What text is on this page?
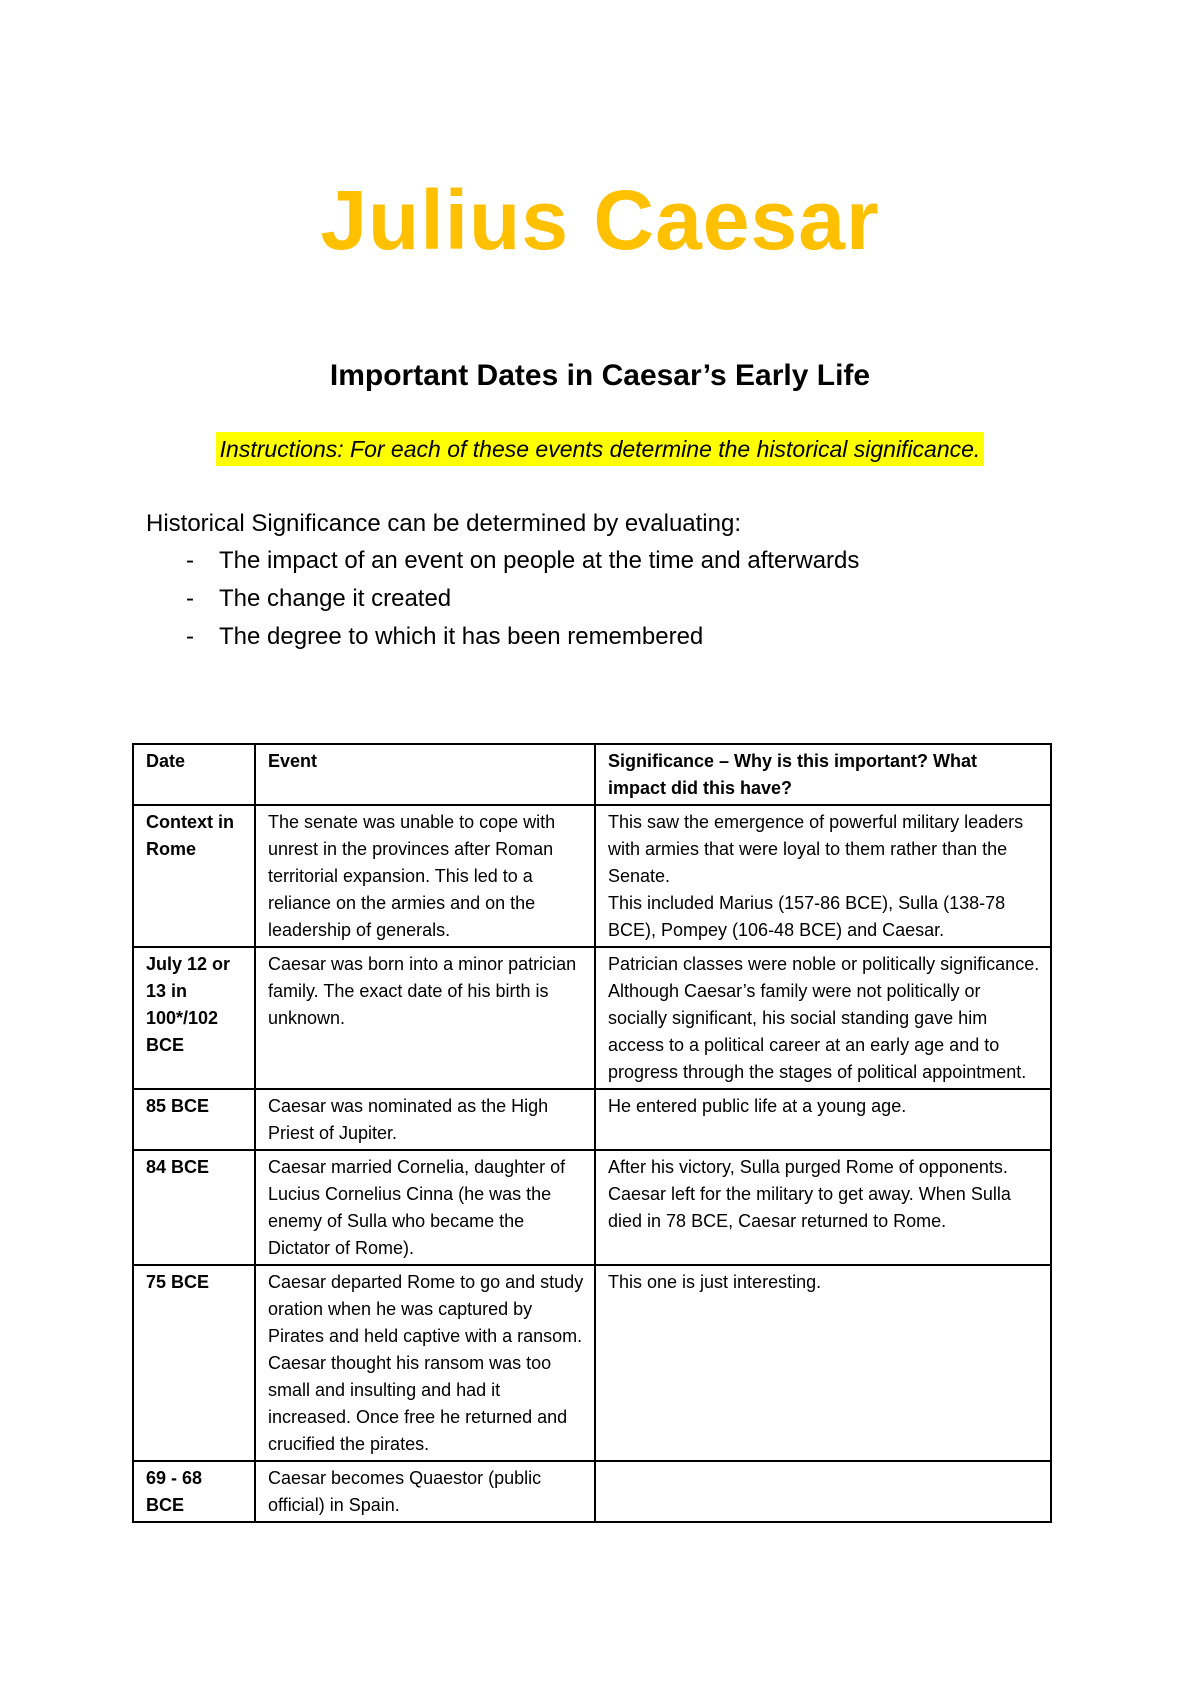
Julius Caesar
Important Dates in Caesar’s Early Life
Instructions: For each of these events determine the historical significance.
Historical Significance can be determined by evaluating:
-	The impact of an event on people at the time and afterwards
-	The change it created
-	The degree to which it has been remembered
Date	Event	Significance – Why is this important? What impact did this have?
Context in Rome	The senate was unable to cope with unrest in the provinces after Roman territorial expansion. This led to a reliance on the armies and on the leadership of generals.	This saw the emergence of powerful military leaders with armies that were loyal to them rather than the Senate.
This included Marius (157-86 BCE), Sulla (138-78 BCE), Pompey (106-48 BCE) and Caesar.

July 12 or 13 in 100*/102 BCE	Caesar was born into a minor patrician family. The exact date of his birth is unknown.	Patrician classes were noble or politically significance. Although Caesar’s family were not politically or socially significant, his social standing gave him access to a political career at an early age and to progress through the stages of political appointment.
85 BCE	Caesar was nominated as the High Priest of Jupiter.	He entered public life at a young age.
84 BCE	Caesar married Cornelia, daughter of Lucius Cornelius Cinna (he was the enemy of Sulla who became the Dictator of Rome).	After his victory, Sulla purged Rome of opponents. Caesar left for the military to get away. When Sulla died in 78 BCE, Caesar returned to Rome.
75 BCE	Caesar departed Rome to go and study oration when he was captured by Pirates and held captive with a ransom. Caesar thought his ransom was too small and insulting and had it increased. Once free he returned and crucified the pirates.	This one is just interesting.
69 - 68 BCE	Caesar becomes Quaestor (public official) in Spain.	
